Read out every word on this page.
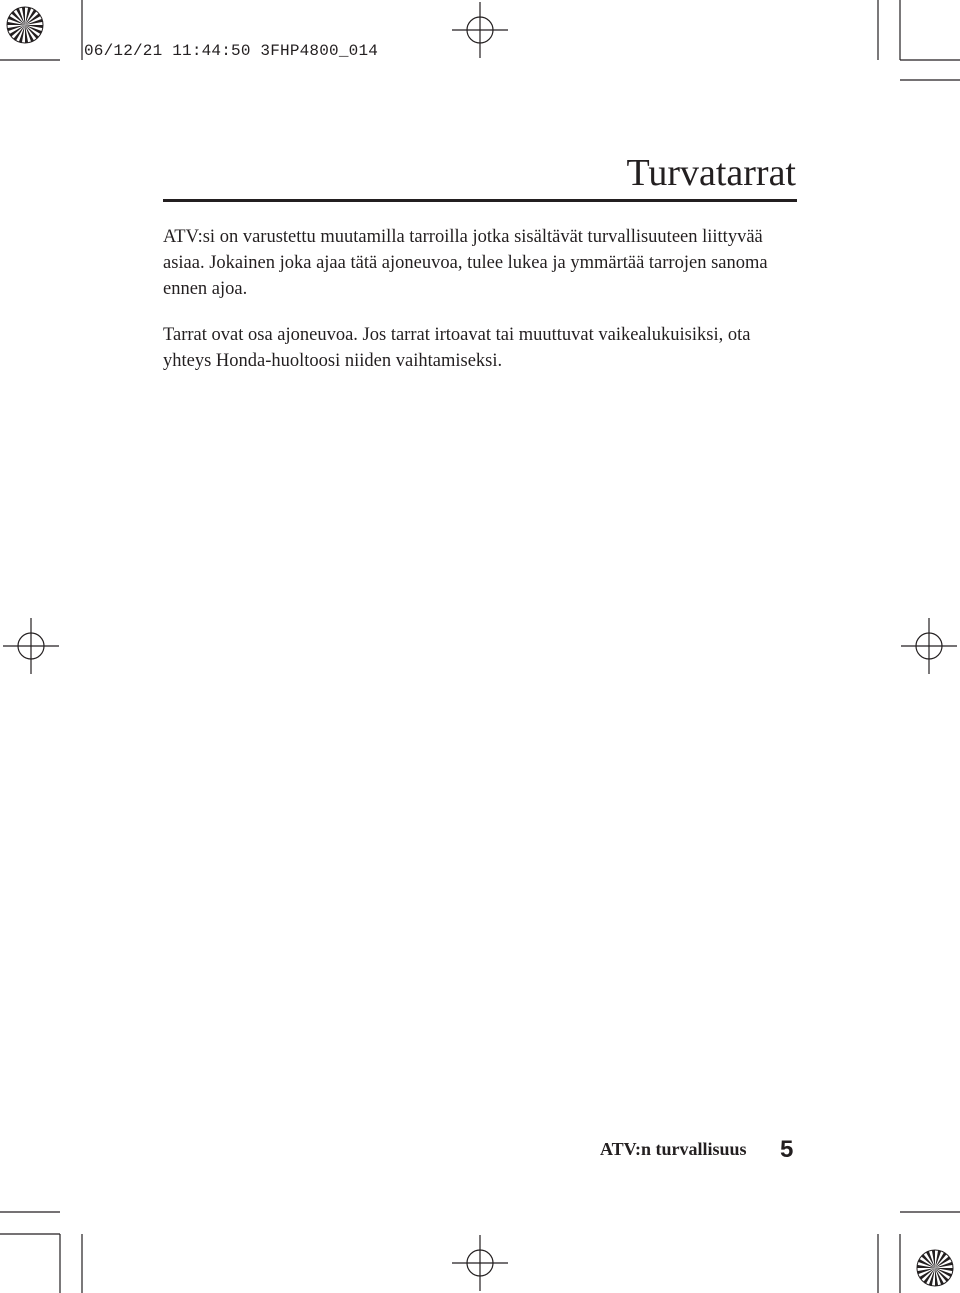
06/12/21 11:44:50 3FHP4800_014
Turvatarrat

ATV:si on varustettu muutamilla tarroilla jotka sisältävät turvallisuuteen liittyvää asiaa. Jokainen joka ajaa tätä ajoneuvoa, tulee lukea ja ymmärtää tarrojen sanoma ennen ajoa.

Tarrat ovat osa ajoneuvoa. Jos tarrat irtoavat tai muuttuvat vaikealukuisiksi, ota yhteys Honda-huoltoosi niiden vaihtamiseksi.

ATV:n turvallisuus 5
